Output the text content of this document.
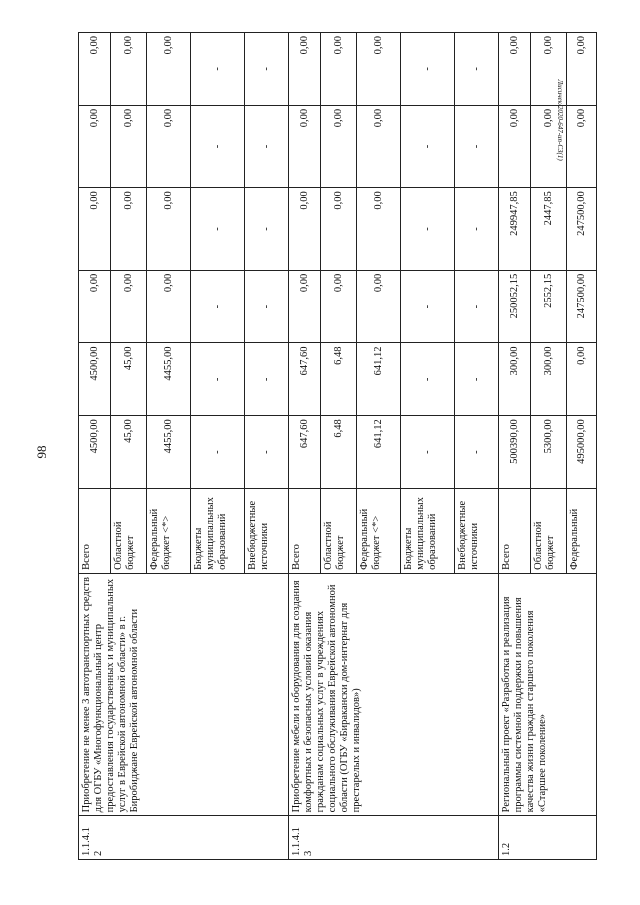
98
Лисичек/2020-647-ип-СЗ(1)
1.1.4.1 2	Приобретение не менее 3 автотранспортных средств для ОГБУ «Многофункциональный центр предоставления государственных и муниципальных услуг в Еврейской автономной области» в г. Биробиджане Еврейской автономной области	Всего	4500,00	4500,00	0,00	0,00	0,00	0,00
		Областной бюджет	45,00	45,00	0,00	0,00	0,00	0,00
		Федеральный бюджет <*>	4455,00	4455,00	0,00	0,00	0,00	0,00
		Бюджеты муниципальных образований	-	-	-	-	-	-
		Внебюджетные источники	-	-	-	-	-	-
1.1.4.1 3	Приобретение мебели и оборудования для создания комфортных и безопасных условий оказания гражданам социальных услуг в учреждениях социального обслуживания Еврейской автономной области (ОГБУ «Биракански дом-интернат для престарелых и инвалидов»)	Всего	647,60	647,60	0,00	0,00	0,00	0,00
		Областной бюджет	6,48	6,48	0,00	0,00	0,00	0,00
		Федеральный бюджет <*>	641,12	641,12	0,00	0,00	0,00	0,00
		Бюджеты муниципальных образований	-	-	-	-	-	-
		Внебюджетные источники	-	-	-	-	-	-
1.2	Региональный проект «Разработка и реализация программы системной поддержки и повышения качества жизни граждан старшего поколения «Старшее поколение»	Всего	500390,00	300,00	250052,15	249947,85	0,00	0,00
		Областной бюджет	5300,00	300,00	2552,15	2447,85	0,00	0,00
		Федеральный	495000,00	0,00	247500,00	247500,00	0,00	0,00
